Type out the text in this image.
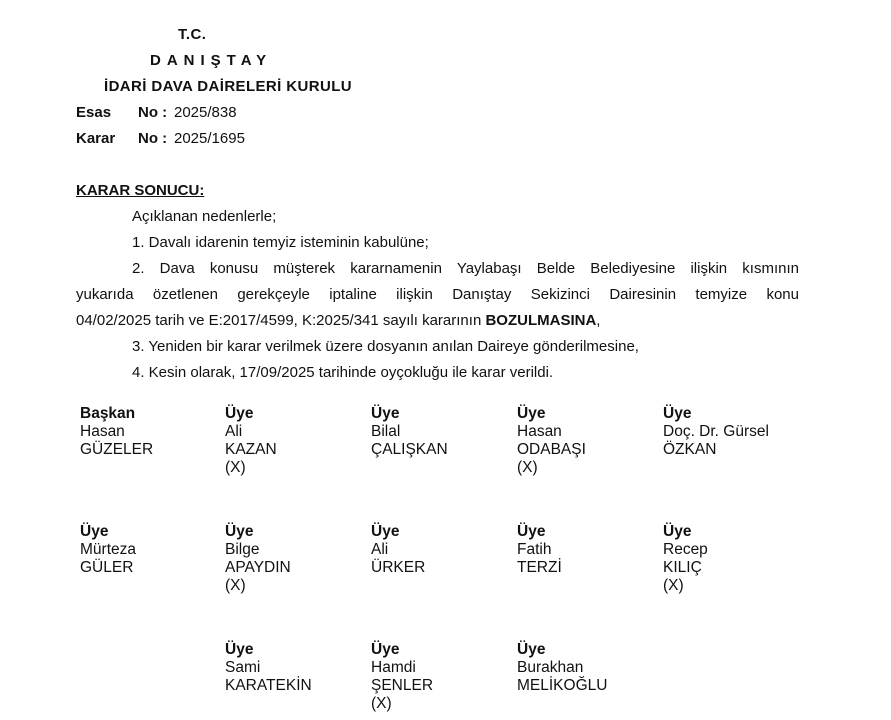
T.C.
DANIŞTAY
İDARİ DAVA DAİRELERİ KURULU
Esas No : 2025/838
Karar No : 2025/1695
KARAR SONUCU:
Açıklanan nedenlerle;
1. Davalı idarenin temyiz isteminin kabulüne;
2. Dava konusu müşterek kararnamenin Yaylabaşı Belde Belediyesine ilişkin kısmının
yukarıda özetlenen gerekçeyle iptaline ilişkin Danıştay Sekizinci Dairesinin temyize konu
04/02/2025 tarih ve E:2017/4599, K:2025/341 sayılı kararının BOZULMASINA,
3. Yeniden bir karar verilmek üzere dosyanın anılan Daireye gönderilmesine,
4. Kesin olarak, 17/09/2025 tarihinde oyçokluğu ile karar verildi.
Başkan
Hasan
GÜZELER
Üye
Ali
KAZAN
(X)
Üye
Bilal
ÇALIŞKAN
Üye
Hasan
ODABAŞI
(X)
Üye
Doç. Dr. Gürsel
ÖZKAN
Üye
Mürteza
GÜLER
Üye
Bilge
APAYDIN
(X)
Üye
Ali
ÜRKER
Üye
Fatih
TERZİ
Üye
Recep
KILIÇ
(X)
Üye
Sami
KARATEKİN
Üye
Hamdi
ŞENLER
(X)
Üye
Burakhan
MELİKOĞLU
